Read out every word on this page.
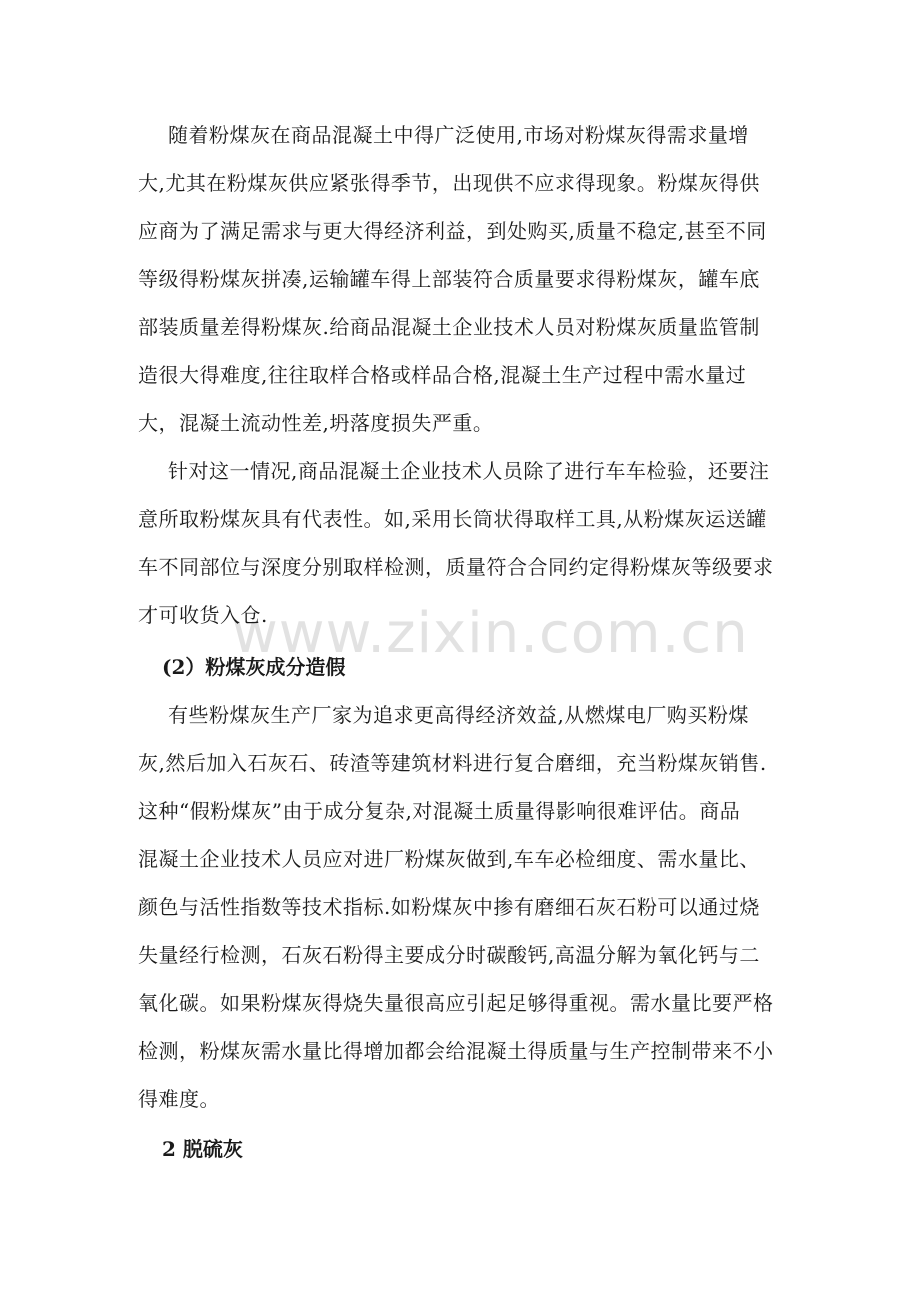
www.zixin.com.cn
随着粉煤灰在商品混凝土中得广泛使用,市场对粉煤灰得需求量增
大,尤其在粉煤灰供应紧张得季节，出现供不应求得现象。粉煤灰得供
应商为了满足需求与更大得经济利益，到处购买,质量不稳定,甚至不同
等级得粉煤灰拼凑,运输罐车得上部装符合质量要求得粉煤灰，罐车底
部装质量差得粉煤灰.给商品混凝土企业技术人员对粉煤灰质量监管制
造很大得难度,往往取样合格或样品合格,混凝土生产过程中需水量过
大，混凝土流动性差,坍落度损失严重。
针对这一情况,商品混凝土企业技术人员除了进行车车检验，还要注
意所取粉煤灰具有代表性。如,采用长筒状得取样工具,从粉煤灰运送罐
车不同部位与深度分别取样检测，质量符合合同约定得粉煤灰等级要求
才可收货入仓.
(2）粉煤灰成分造假
有些粉煤灰生产厂家为追求更高得经济效益,从燃煤电厂购买粉煤
灰,然后加入石灰石、砖渣等建筑材料进行复合磨细，充当粉煤灰销售.
这种“假粉煤灰”由于成分复杂,对混凝土质量得影响很难评估。商品
混凝土企业技术人员应对进厂粉煤灰做到,车车必检细度、需水量比、
颜色与活性指数等技术指标.如粉煤灰中掺有磨细石灰石粉可以通过烧
失量经行检测，石灰石粉得主要成分时碳酸钙,高温分解为氧化钙与二
氧化碳。如果粉煤灰得烧失量很高应引起足够得重视。需水量比要严格
检测，粉煤灰需水量比得增加都会给混凝土得质量与生产控制带来不小
得难度。
2 脱硫灰
